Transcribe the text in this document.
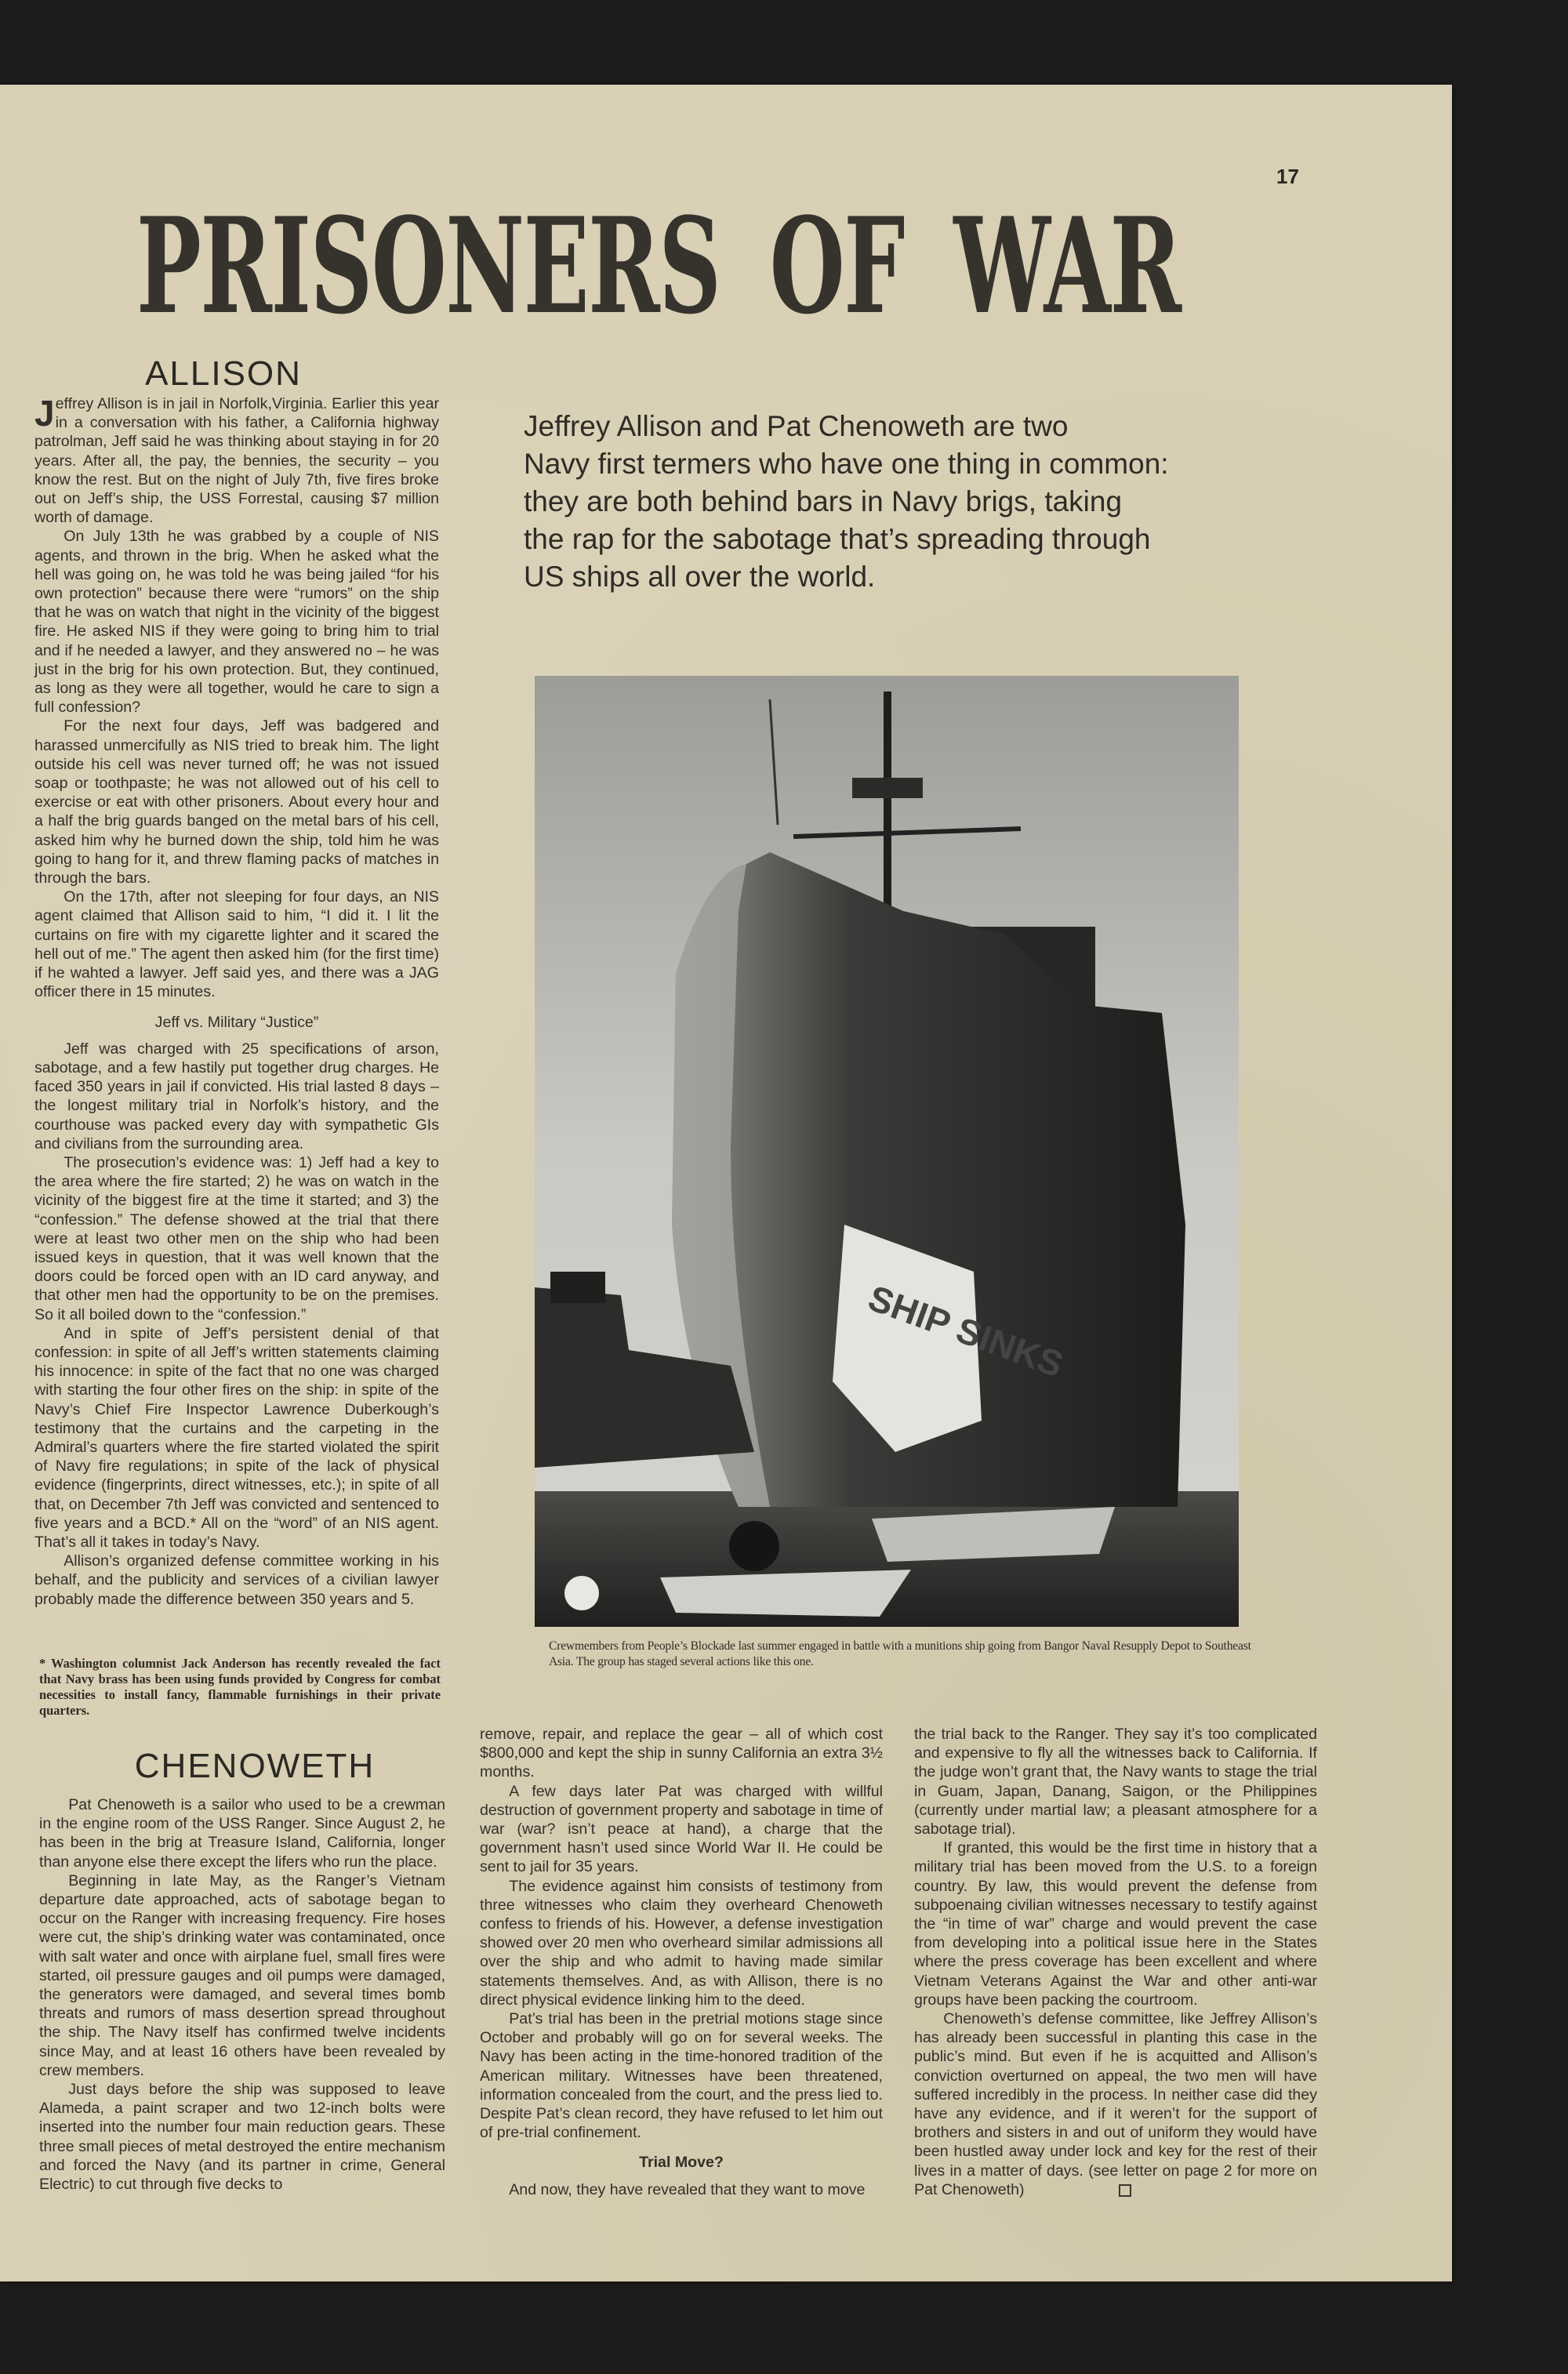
17
PRISONERS OF WAR
ALLISON

Jeffrey Allison is in jail in Norfolk,Virginia. Earlier this year in a conversation with his father, a California highway patrolman, Jeff said he was thinking about staying in for 20 years. After all, the pay, the bennies, the security – you know the rest. But on the night of July 7th, five fires broke out on Jeff’s ship, the USS Forrestal, causing $7 million worth of damage.

On July 13th he was grabbed by a couple of NIS agents, and thrown in the brig. When he asked what the hell was going on, he was told he was being jailed “for his own protection” because there were “rumors” on the ship that he was on watch that night in the vicinity of the biggest fire. He asked NIS if they were going to bring him to trial and if he needed a lawyer, and they answered no – he was just in the brig for his own protection. But, they continued, as long as they were all together, would he care to sign a full confession?

For the next four days, Jeff was badgered and harassed unmercifully as NIS tried to break him. The light outside his cell was never turned off; he was not issued soap or toothpaste; he was not allowed out of his cell to exercise or eat with other prisoners. About every hour and a half the brig guards banged on the metal bars of his cell, asked him why he burned down the ship, told him he was going to hang for it, and threw flaming packs of matches in through the bars.

On the 17th, after not sleeping for four days, an NIS agent claimed that Allison said to him, “I did it. I lit the curtains on fire with my cigarette lighter and it scared the hell out of me.” The agent then asked him (for the first time) if he wahted a lawyer. Jeff said yes, and there was a JAG officer there in 15 minutes.

Jeff vs. Military “Justice”

Jeff was charged with 25 specifications of arson, sabotage, and a few hastily put together drug charges. He faced 350 years in jail if convicted. His trial lasted 8 days – the longest military trial in Norfolk’s history, and the courthouse was packed every day with sympathetic GIs and civilians from the surrounding area.

The prosecution’s evidence was: 1) Jeff had a key to the area where the fire started; 2) he was on watch in the vicinity of the biggest fire at the time it started; and 3) the “confession.” The defense showed at the trial that there were at least two other men on the ship who had been issued keys in question, that it was well known that the doors could be forced open with an ID card anyway, and that other men had the opportunity to be on the premises. So it all boiled down to the “confession.”

And in spite of Jeff’s persistent denial of that confession: in spite of all Jeff’s written statements claiming his innocence: in spite of the fact that no one was charged with starting the four other fires on the ship: in spite of the Navy’s Chief Fire Inspector Lawrence Duberkough’s testimony that the curtains and the carpeting in the Admiral’s quarters where the fire started violated the spirit of Navy fire regulations; in spite of the lack of physical evidence (fingerprints, direct witnesses, etc.); in spite of all that, on December 7th Jeff was convicted and sentenced to five years and a BCD.* All on the “word” of an NIS agent. That’s all it takes in today’s Navy.

Allison’s organized defense committee working in his behalf, and the publicity and services of a civilian lawyer probably made the difference between 350 years and 5.

* Washington columnist Jack Anderson has recently revealed the fact that Navy brass has been using funds provided by Congress for combat necessities to install fancy, flammable furnishings in their private quarters.
Jeffrey Allison and Pat Chenoweth are two
Navy first termers who have one thing in common:
they are both behind bars in Navy brigs, taking
the rap for the sabotage that’s spreading through
US ships all over the world.
SHIP SINKS
Crewmembers from People’s Blockade last summer engaged in battle with a munitions ship going from Bangor Naval Resupply Depot to Southeast Asia. The group has staged several actions like this one.
CHENOWETH

Pat Chenoweth is a sailor who used to be a crewman in the engine room of the USS Ranger. Since August 2, he has been in the brig at Treasure Island, California, longer than anyone else there except the lifers who run the place.

Beginning in late May, as the Ranger’s Vietnam departure date approached, acts of sabotage began to occur on the Ranger with increasing frequency. Fire hoses were cut, the ship’s drinking water was contaminated, once with salt water and once with airplane fuel, small fires were started, oil pressure gauges and oil pumps were damaged, the generators were damaged, and several times bomb threats and rumors of mass desertion spread throughout the ship. The Navy itself has confirmed twelve incidents since May, and at least 16 others have been revealed by crew members.

Just days before the ship was supposed to leave Alameda, a paint scraper and two 12-inch bolts were inserted into the number four main reduction gears. These three small pieces of metal destroyed the entire mechanism and forced the Navy (and its partner in crime, General Electric) to cut through five decks to

remove, repair, and replace the gear – all of which cost $800,000 and kept the ship in sunny California an extra 3½ months.

A few days later Pat was charged with willful destruction of government property and sabotage in time of war (war? isn’t peace at hand), a charge that the government hasn’t used since World War II. He could be sent to jail for 35 years.

The evidence against him consists of testimony from three witnesses who claim they overheard Chenoweth confess to friends of his. However, a defense investigation showed over 20 men who overheard similar admissions all over the ship and who admit to having made similar statements themselves. And, as with Allison, there is no direct physical evidence linking him to the deed.

Pat’s trial has been in the pretrial motions stage since October and probably will go on for several weeks. The Navy has been acting in the time-honored tradition of the American military. Witnesses have been threatened, information concealed from the court, and the press lied to. Despite Pat’s clean record, they have refused to let him out of pre-trial confinement.

Trial Move?

And now, they have revealed that they want to move

the trial back to the Ranger. They say it’s too complicated and expensive to fly all the witnesses back to California. If the judge won’t grant that, the Navy wants to stage the trial in Guam, Japan, Danang, Saigon, or the Philippines (currently under martial law; a pleasant atmosphere for a sabotage trial).

If granted, this would be the first time in history that a military trial has been moved from the U.S. to a foreign country. By law, this would prevent the defense from subpoenaing civilian witnesses necessary to testify against the “in time of war” charge and would prevent the case from developing into a political issue here in the States where the press coverage has been excellent and where Vietnam Veterans Against the War and other anti-war groups have been packing the courtroom.

Chenoweth’s defense committee, like Jeffrey Allison’s has already been successful in planting this case in the public’s mind. But even if he is acquitted and Allison’s conviction overturned on appeal, the two men will have suffered incredibly in the process. In neither case did they have any evidence, and if it weren’t for the support of brothers and sisters in and out of uniform they would have been hustled away under lock and key for the rest of their lives in a matter of days. (see letter on page 2 for more on Pat Chenoweth)
